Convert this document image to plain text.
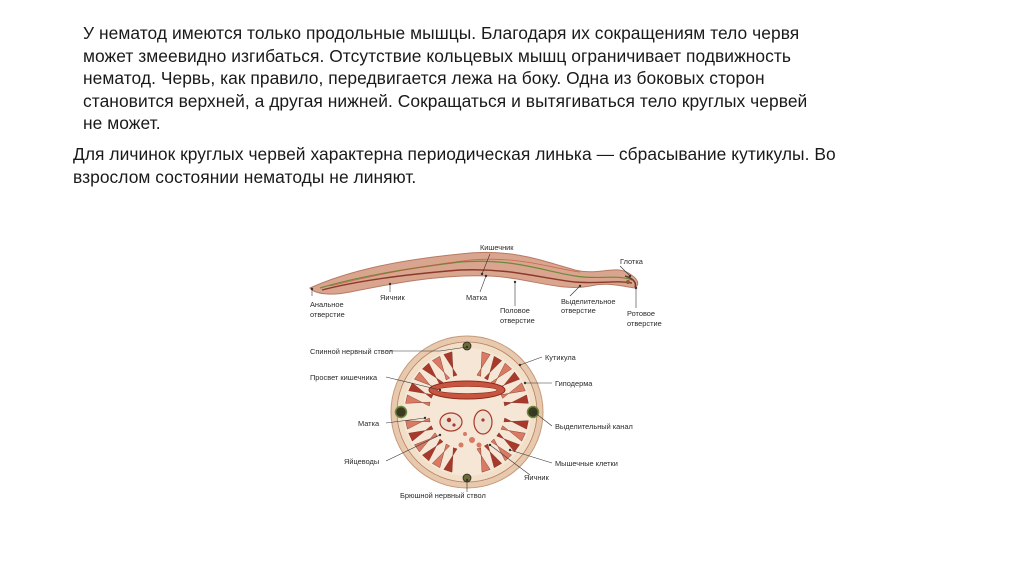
У нематод имеются только продольные мышцы. Благодаря их сокращениям тело червя
может змеевидно изгибаться. Отсутствие кольцевых мышц ограничивает подвижность
нематод. Червь, как правило, передвигается лежа на боку. Одна из боковых сторон
становится верхней, а другая нижней. Сокращаться и вытягиваться тело круглых червей
не может.
Для личинок круглых червей характерна периодическая линька — сбрасывание кутикулы. Во
взрослом состоянии нематоды не линяют.
Кишечник
Глотка
Яичник	Матка	Выделительное
отверстие
Анальное
отверстие	Половое
отверстие
Ротовое
отверстие
Спинной нервный ствол
Просвет кишечника
Матка
Яйцеводы
Брюшной нервный ствол
Кутикула
Гиподерма
Выделительный канал
Мышечные клетки
Яичник
